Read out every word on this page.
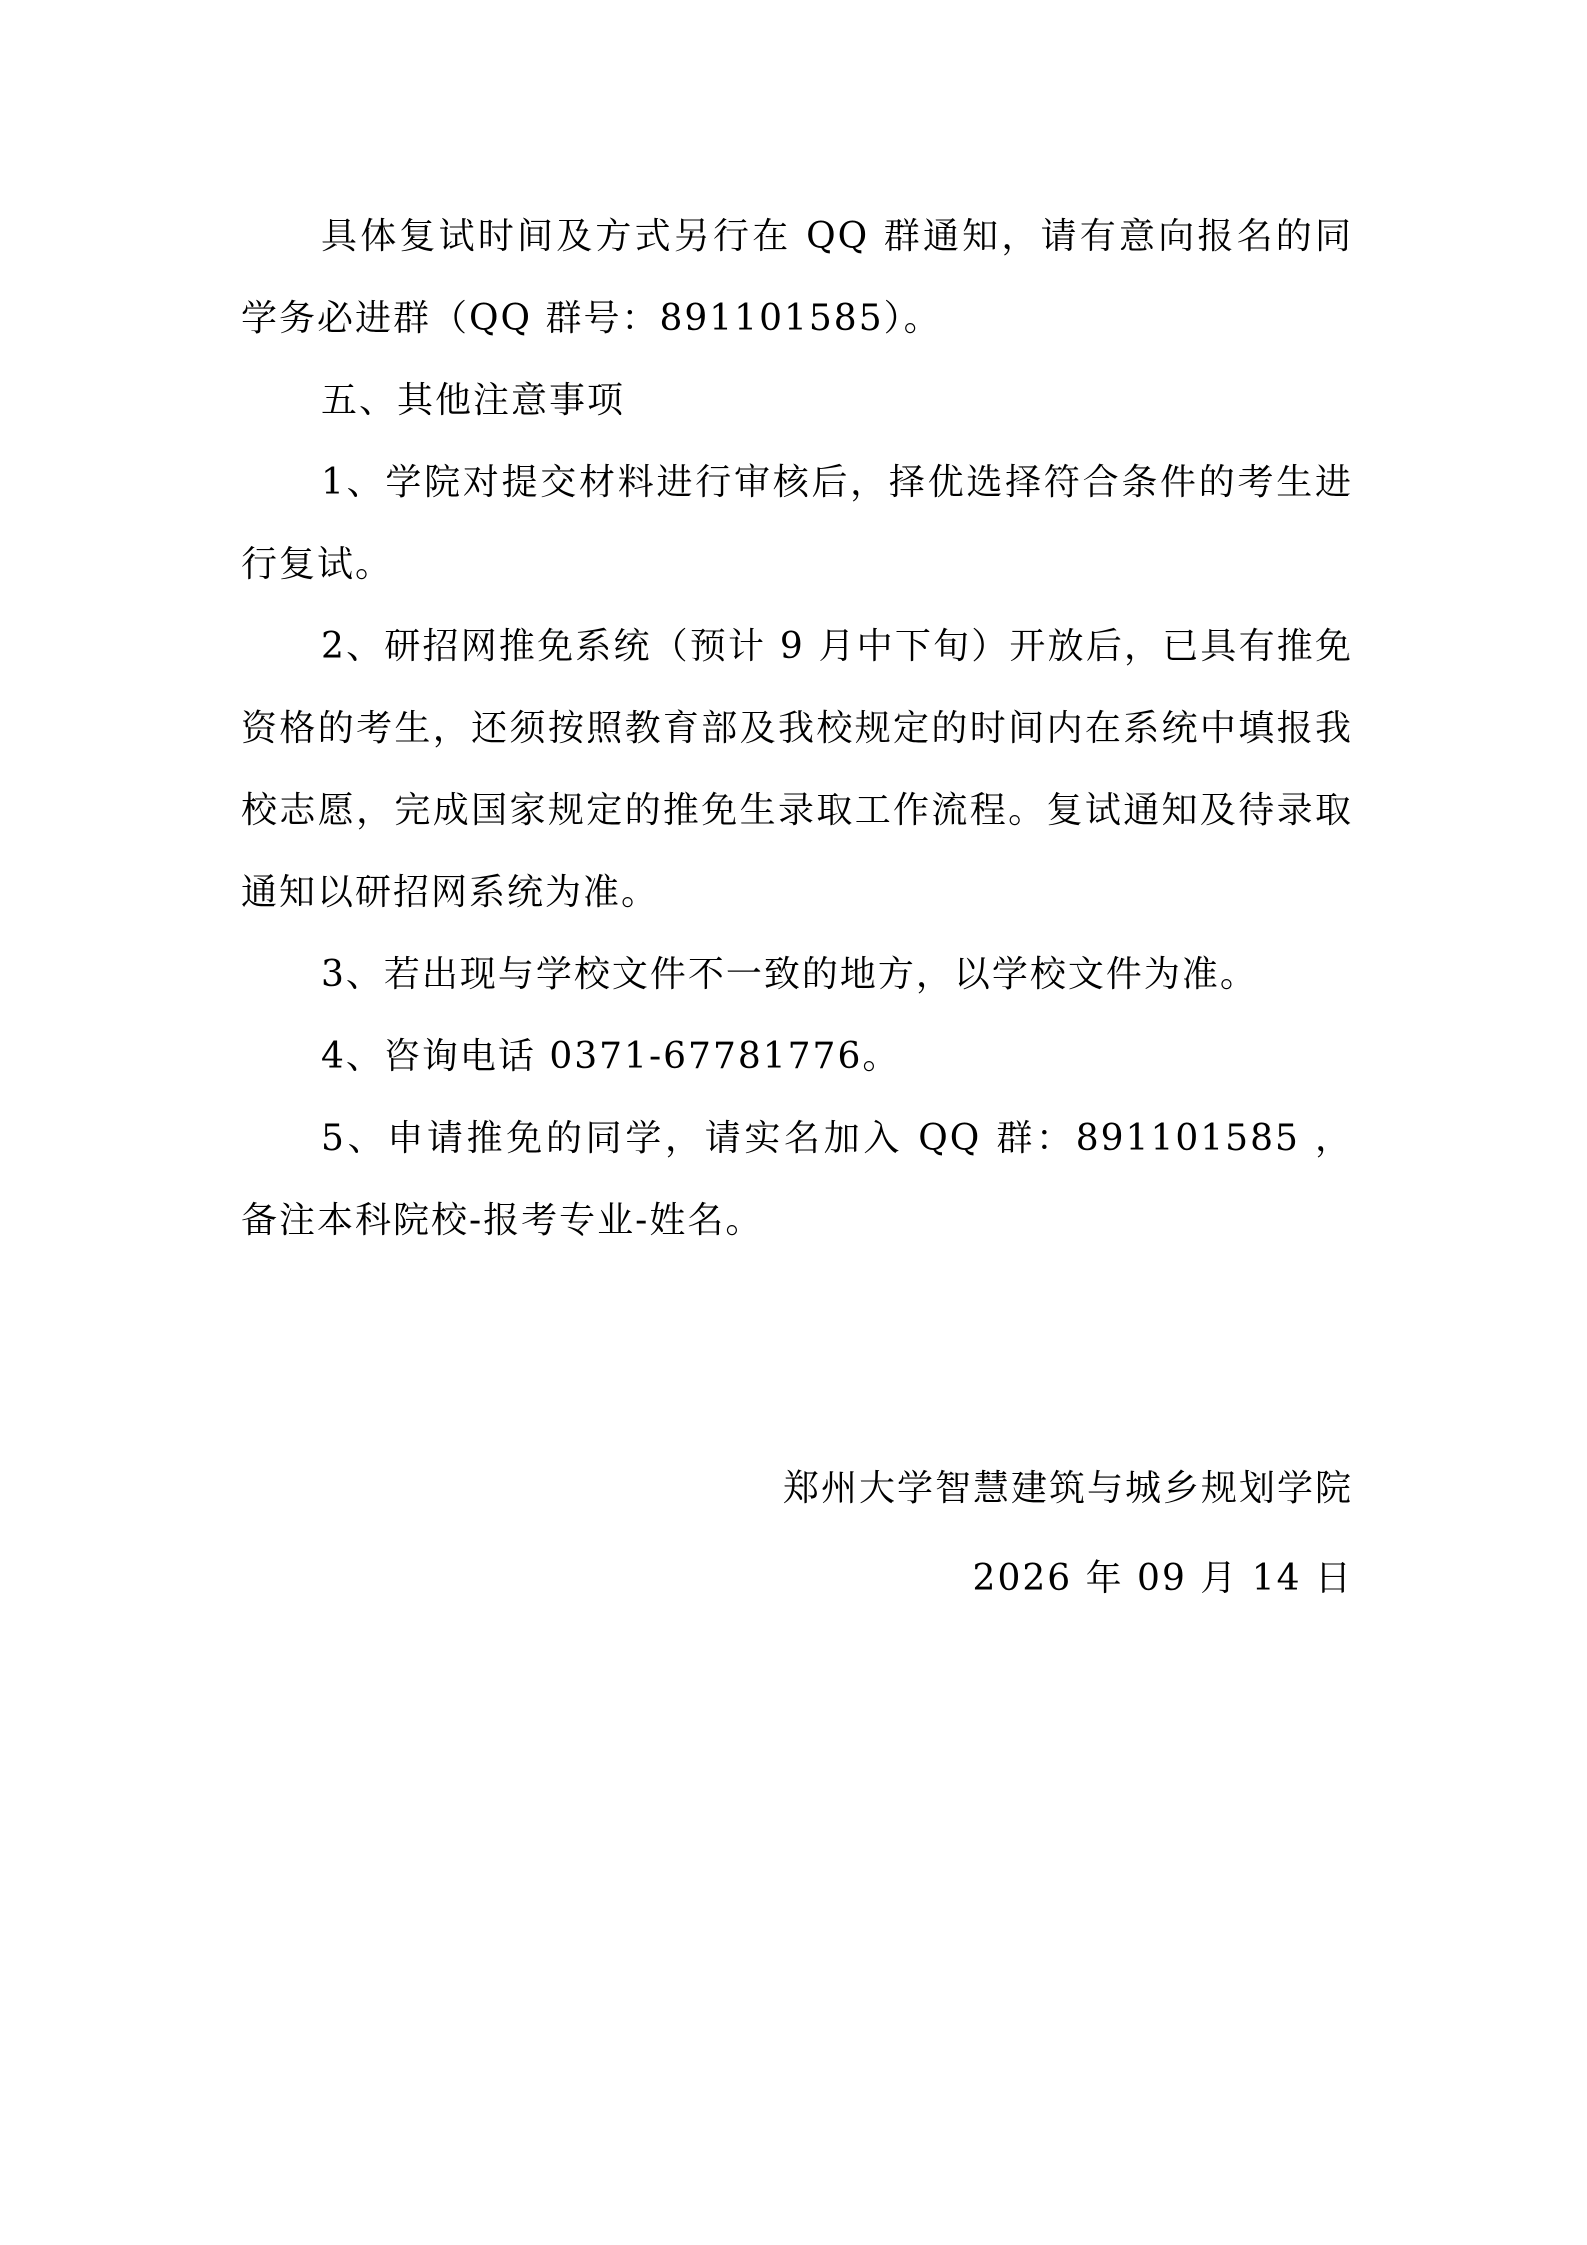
具体复试时间及方式另行在 QQ 群通知，请有意向报名的同学务必进群（QQ 群号：891101585）。

五、其他注意事项

1、学院对提交材料进行审核后，择优选择符合条件的考生进行复试。

2、研招网推免系统（预计 9 月中下旬）开放后，已具有推免资格的考生，还须按照教育部及我校规定的时间内在系统中填报我校志愿，完成国家规定的推免生录取工作流程。复试通知及待录取通知以研招网系统为准。

3、若出现与学校文件不一致的地方，以学校文件为准。

4、咨询电话 0371-67781776。

5、申请推免的同学，请实名加入 QQ 群：891101585 ，备注本科院校-报考专业-姓名。

郑州大学智慧建筑与城乡规划学院
2026 年 09 月 14 日
